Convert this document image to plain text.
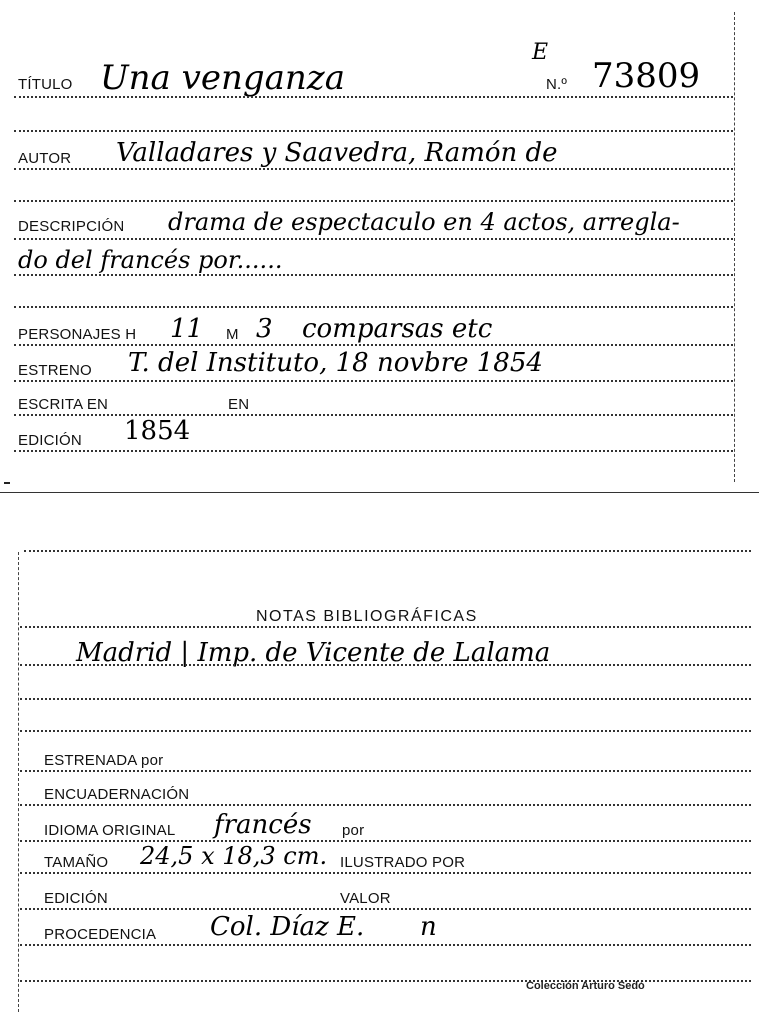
TÍTULO Una venganza
E
N.º 73809
AUTOR Valladares y Saavedra, Ramón de
DESCRIPCIÓN drama de espectaculo en 4 actos, arregla-
do del francés por......
PERSONAJES H 11 M 3 comparsas etc
ESTRENO T. del Instituto, 18 novbre 1854
ESCRITA EN	EN
EDICIÓN 1854
NOTAS BIBLIOGRÁFICAS
Madrid | Imp. de Vicente de Lalama
ESTRENADA por
ENCUADERNACIÓN
IDIOMA ORIGINAL francés por
TAMAÑO 24,5 x 18,3 cm. ILUSTRADO POR
EDICIÓN	VALOR
PROCEDENCIA Col. Díaz E. n
Colección Arturo Sedó
